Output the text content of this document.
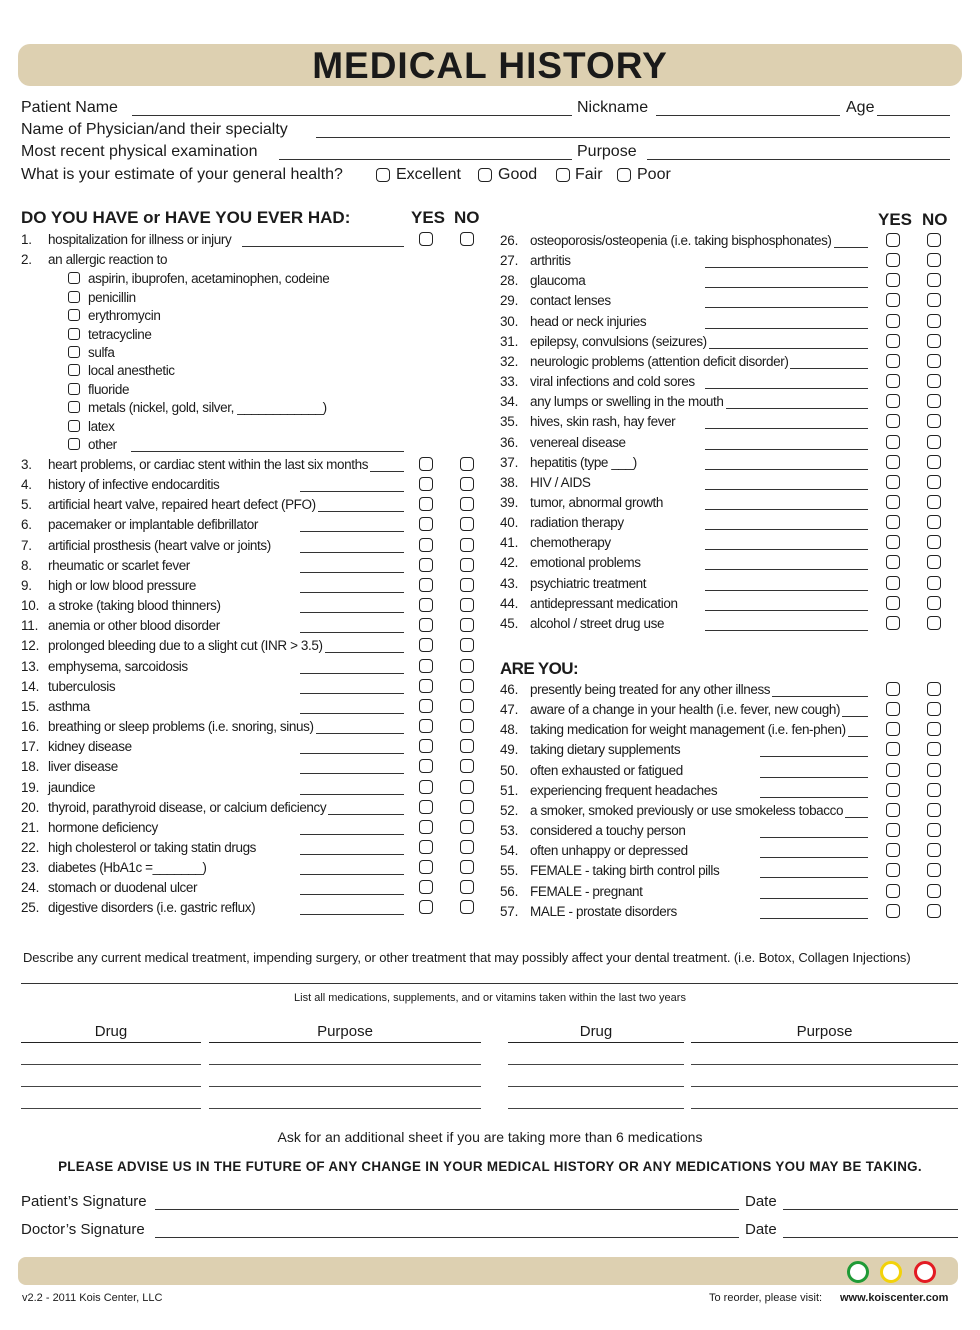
MEDICAL HISTORY
Patient Name	Nickname	Age
Name of Physician/and their specialty
Most recent physical examination	Purpose
What is your estimate of your general health?	Excellent Good Fair Poor
DO YOU HAVE or HAVE YOU EVER HAD:	YES NO	YES NO
1. hospitalization for illness or injury
2. an allergic reaction to
3. heart problems, or cardiac stent within the last six months
4. history of infective endocarditis
5. artificial heart valve, repaired heart defect (PFO)
6. pacemaker or implantable defibrillator
7. artificial prosthesis (heart valve or joints)
8. rheumatic or scarlet fever
9. high or low blood pressure
10. a stroke (taking blood thinners)
11. anemia or other blood disorder
12. prolonged bleeding due to a slight cut (INR > 3.5)
13. emphysema, sarcoidosis
14. tuberculosis
15. asthma
16. breathing or sleep problems (i.e. snoring, sinus)
17. kidney disease
18. liver disease
19. jaundice
20. thyroid, parathyroid disease, or calcium deficiency
21. hormone deficiency
22. high cholesterol or taking statin drugs
23. diabetes (HbA1c =_______)
24. stomach or duodenal ulcer
25. digestive disorders (i.e. gastric reflux)
aspirin, ibuprofen, acetaminophen, codeine
penicillin
erythromycin
tetracycline
sulfa
local anesthetic
fluoride
metals (nickel, gold, silver, ____________)
latex
other
26. osteoporosis/osteopenia (i.e. taking bisphosphonates)
27. arthritis
28. glaucoma
29. contact lenses
30. head or neck injuries
31. epilepsy, convulsions (seizures)
32. neurologic problems (attention deficit disorder)
33. viral infections and cold sores
34. any lumps or swelling in the mouth
35. hives, skin rash, hay fever
36. venereal disease
37. hepatitis (type ___)
38. HIV / AIDS
39. tumor, abnormal growth
40. radiation therapy
41. chemotherapy
42. emotional problems
43. psychiatric treatment
44. antidepressant medication
45. alcohol / street drug use
ARE YOU:
46. presently being treated for any other illness
47. aware of a change in your health (i.e. fever, new cough)
48. taking medication for weight management (i.e. fen-phen)
49. taking dietary supplements
50. often exhausted or fatigued
51. experiencing frequent headaches
52. a smoker, smoked previously or use smokeless tobacco
53. considered a touchy person
54. often unhappy or depressed
55. FEMALE - taking birth control pills
56. FEMALE - pregnant
57. MALE - prostate disorders
Describe any current medical treatment, impending surgery, or other treatment that may possibly affect your dental treatment. (i.e. Botox, Collagen Injections)
List all medications, supplements, and or vitamins taken within the last two years
Drug	Purpose	Drug	Purpose
Ask for an additional sheet if you are taking more than 6 medications
PLEASE ADVISE US IN THE FUTURE OF ANY CHANGE IN YOUR MEDICAL HISTORY OR ANY MEDICATIONS YOU MAY BE TAKING.
Patient’s Signature	Date
Doctor’s Signature	Date
v2.2 - 2011 Kois Center, LLC	To reorder, please visit: www.koiscenter.com
